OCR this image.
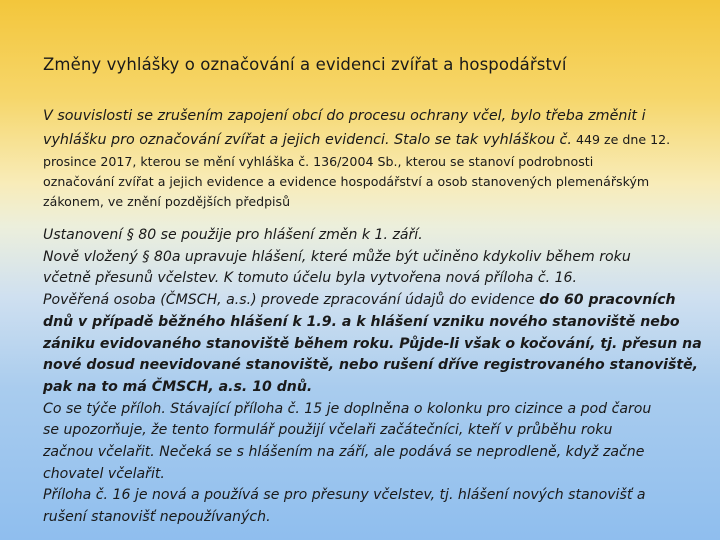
Změny vyhlášky o označování a evidenci zvířat a hospodářství
V souvislosti se zrušením zapojení obcí do procesu ochrany včel, bylo třeba změnit i
vyhlášku pro označování zvířat a jejich evidenci. Stalo se tak vyhláškou č. 449 ze dne 12.
prosince 2017, kterou se mění vyhláška č. 136/2004 Sb., kterou se stanoví podrobnosti
označování zvířat a jejich evidence a evidence hospodářství a osob stanovených plemenářským
zákonem, ve znění pozdějších předpisů
Ustanovení § 80 se použije pro hlášení změn k 1. září.
Nově vložený § 80a upravuje hlášení, které může být učiněno kdykoliv během roku
včetně přesunů včelstev. K tomuto účelu byla vytvořena nová příloha č. 16.
Pověřená osoba (ČMSCH, a.s.) provede zpracování údajů do evidence do 60 pracovních
dnů v případě běžného hlášení k 1.9. a k hlášení vzniku nového stanoviště nebo
zániku evidovaného stanoviště během roku. Půjde-li však o kočování, tj. přesun na
nové dosud neevidované stanoviště, nebo rušení dříve registrovaného stanoviště,
pak na to má ČMSCH, a.s. 10 dnů.
Co se týče příloh. Stávající příloha č. 15 je doplněna o kolonku pro cizince a pod čarou
se upozorňuje, že tento formulář použijí včelaři začátečníci, kteří v průběhu roku
začnou včelařit. Nečeká se s hlášením na září, ale podává se neprodleně, když začne
chovatel včelařit.
Příloha č. 16 je nová a používá se pro přesuny včelstev, tj. hlášení nových stanovišť a
rušení stanovišť nepoužívaných.
